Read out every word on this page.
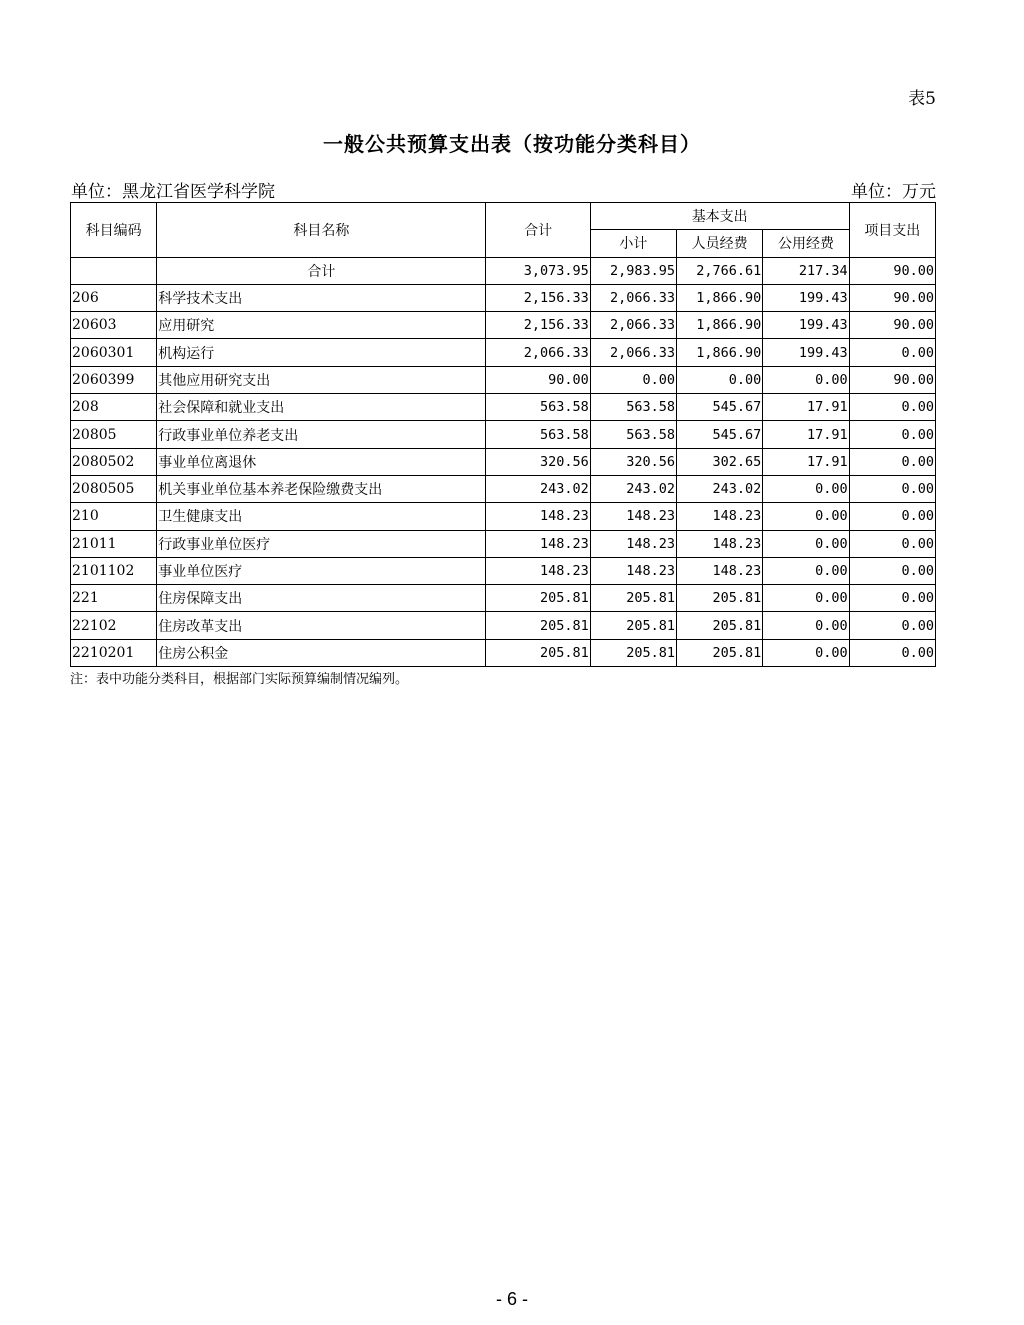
表5
一般公共预算支出表（按功能分类科目）
单位：黑龙江省医学科学院	单位：万元
科目编码	科目名称	合计	基本支出			项目支出
			小计	人员经费	公用经费	
	合计	3,073.95	2,983.95	2,766.61	217.34	90.00
206	科学技术支出	2,156.33	2,066.33	1,866.90	199.43	90.00
20603	应用研究	2,156.33	2,066.33	1,866.90	199.43	90.00
2060301	机构运行	2,066.33	2,066.33	1,866.90	199.43	0.00
2060399	其他应用研究支出	90.00	0.00	0.00	0.00	90.00
208	社会保障和就业支出	563.58	563.58	545.67	17.91	0.00
20805	行政事业单位养老支出	563.58	563.58	545.67	17.91	0.00
2080502	事业单位离退休	320.56	320.56	302.65	17.91	0.00
2080505	机关事业单位基本养老保险缴费支出	243.02	243.02	243.02	0.00	0.00
210	卫生健康支出	148.23	148.23	148.23	0.00	0.00
21011	行政事业单位医疗	148.23	148.23	148.23	0.00	0.00
2101102	事业单位医疗	148.23	148.23	148.23	0.00	0.00
221	住房保障支出	205.81	205.81	205.81	0.00	0.00
22102	住房改革支出	205.81	205.81	205.81	0.00	0.00
2210201	住房公积金	205.81	205.81	205.81	0.00	0.00
注：表中功能分类科目，根据部门实际预算编制情况编列。
- 6 -
